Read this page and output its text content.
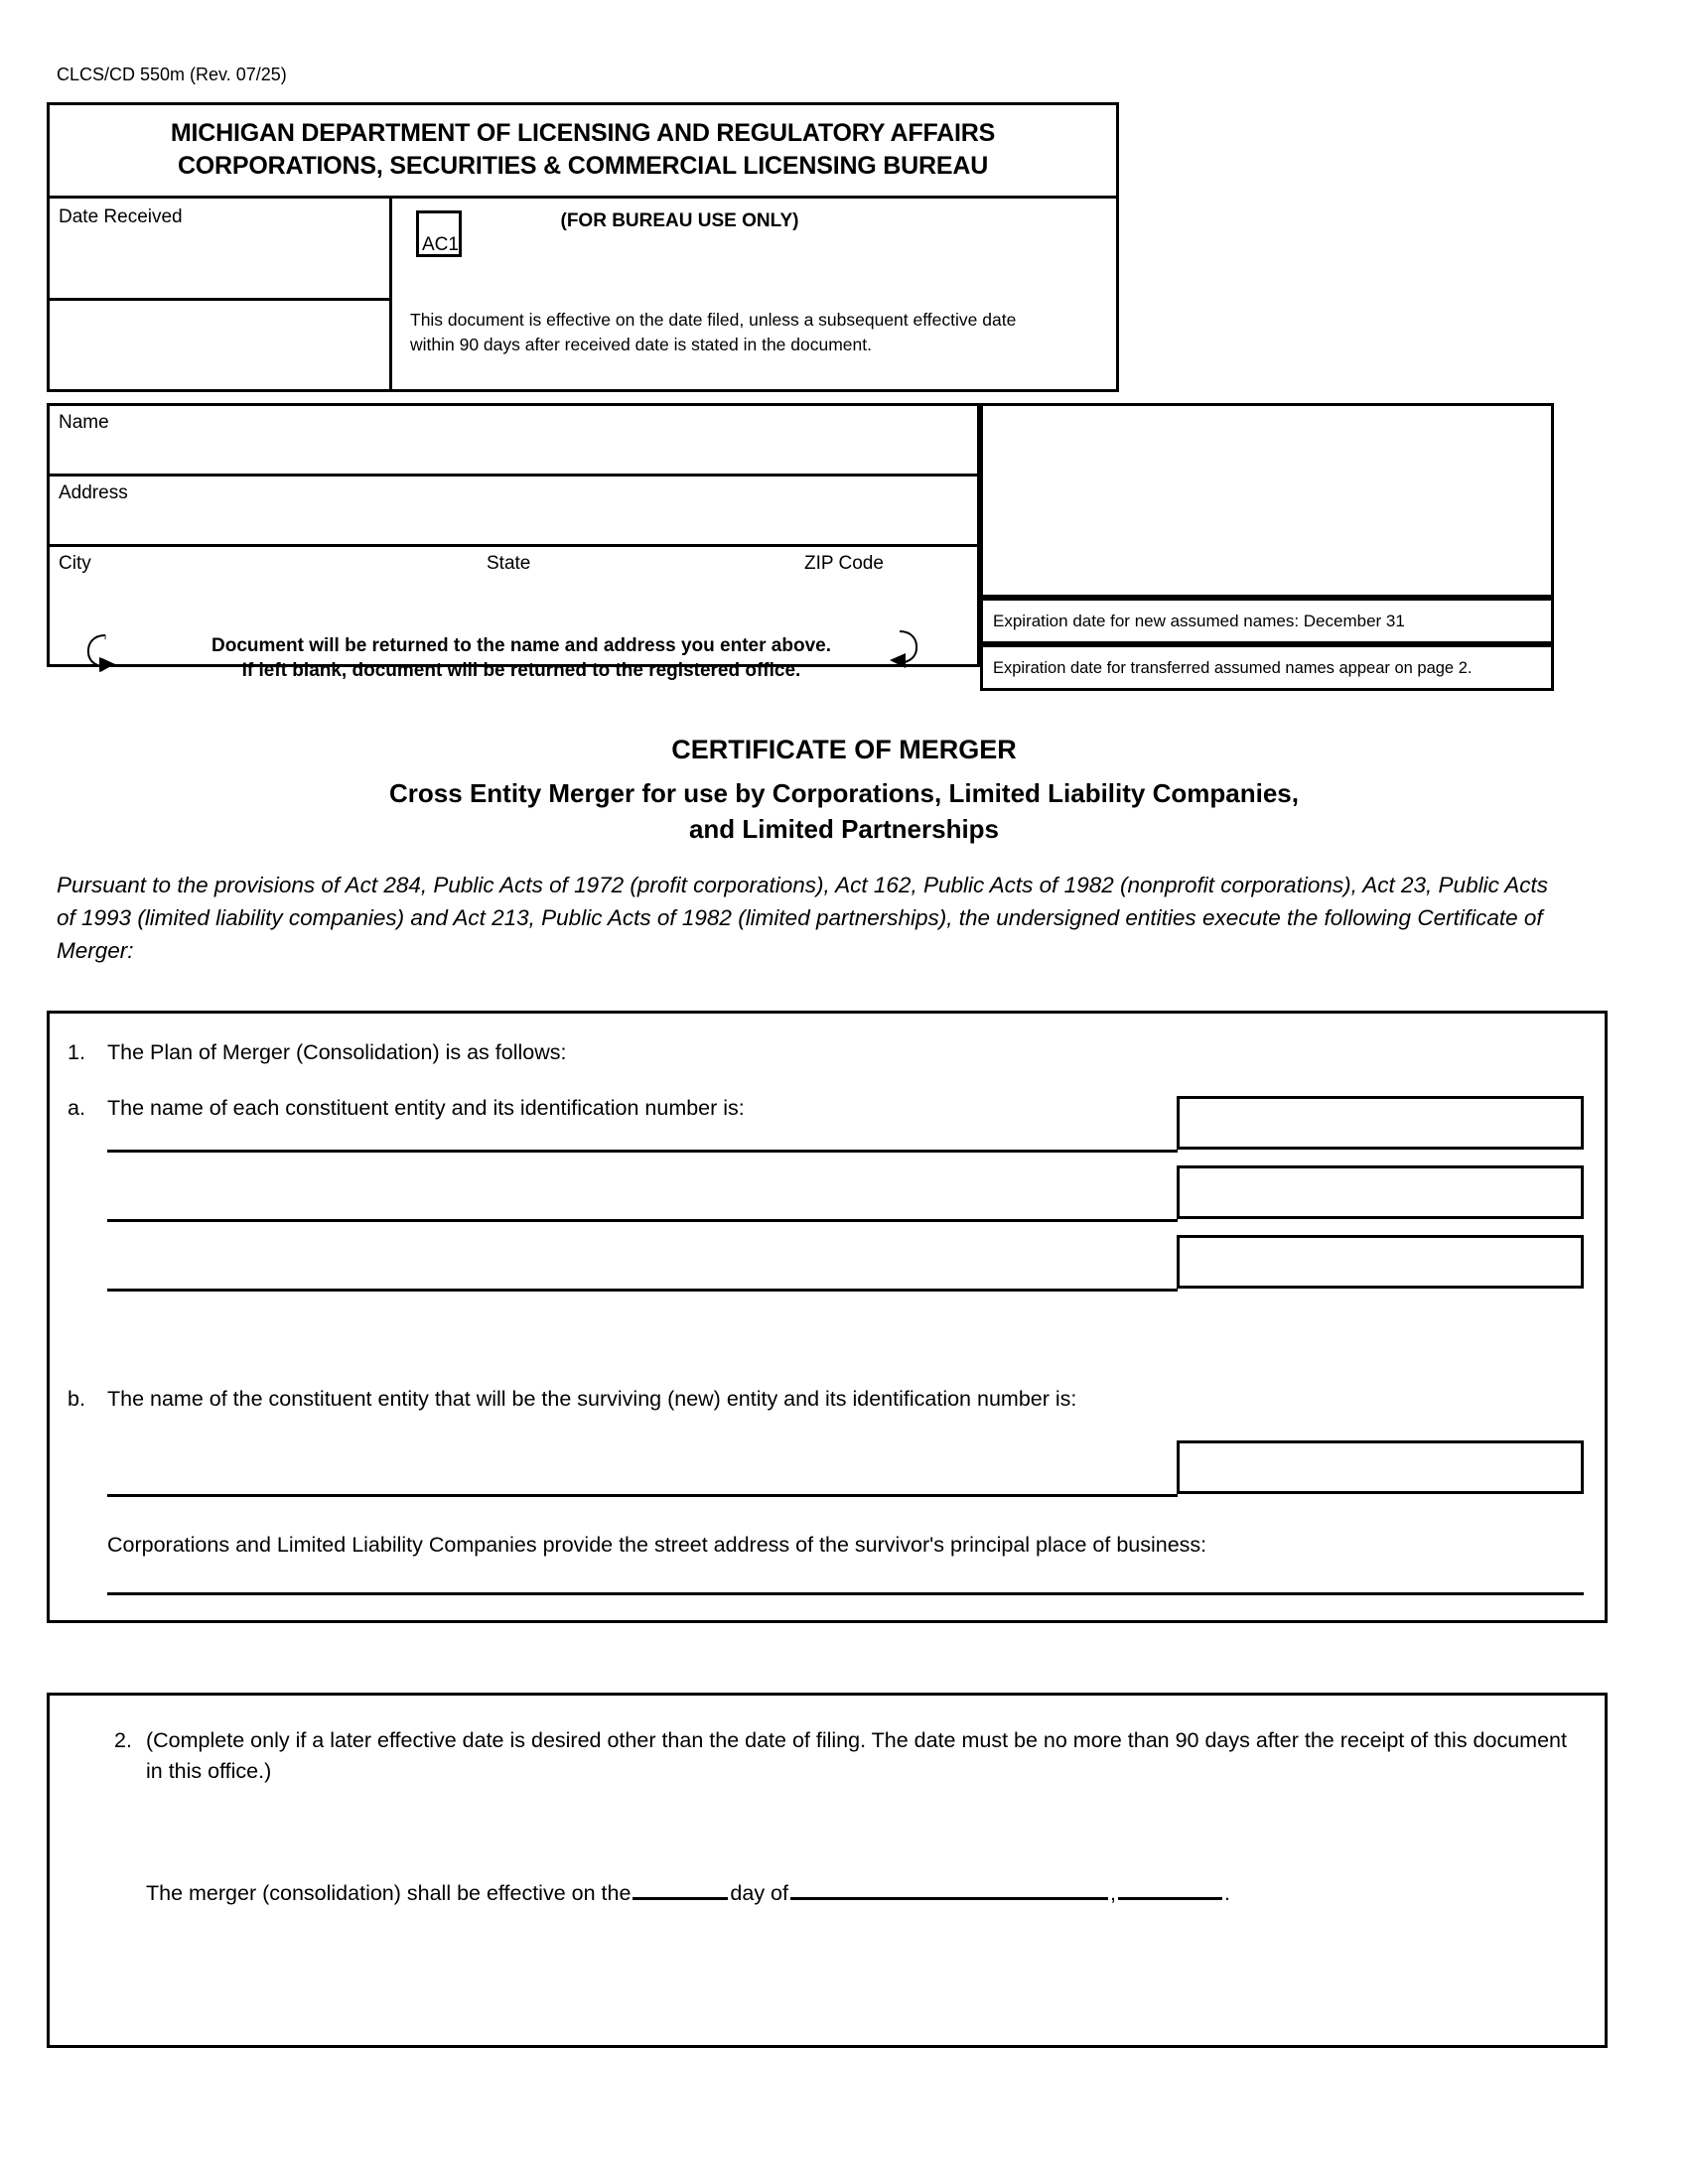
CLCS/CD 550m (Rev. 07/25)
MICHIGAN DEPARTMENT OF LICENSING AND REGULATORY AFFAIRS
CORPORATIONS, SECURITIES & COMMERCIAL LICENSING BUREAU
Date Received
AC1
(FOR BUREAU USE ONLY)
This document is effective on the date filed, unless a subsequent effective date within 90 days after received date is stated in the document.
Name
Address
City	State	ZIP Code
Expiration date for new assumed names: December 31
Expiration date for transferred assumed names appear on page 2.
Document will be returned to the name and address you enter above.
If left blank, document will be returned to the registered office.
CERTIFICATE OF MERGER
Cross Entity Merger for use by Corporations, Limited Liability Companies,
and Limited Partnerships
Pursuant to the provisions of Act 284, Public Acts of 1972 (profit corporations), Act 162, Public Acts of 1982 (nonprofit corporations), Act 23, Public Acts of 1993 (limited liability companies) and Act 213, Public Acts of 1982 (limited partnerships), the undersigned entities execute the following Certificate of Merger:
1. The Plan of Merger (Consolidation) is as follows:
a. The name of each constituent entity and its identification number is:
b. The name of the constituent entity that will be the surviving (new) entity and its identification number is:
Corporations and Limited Liability Companies provide the street address of the survivor's principal place of business:
2. (Complete only if a later effective date is desired other than the date of filing. The date must be no more than 90 days after the receipt of this document in this office.)
The merger (consolidation) shall be effective on the	day of	,	.
